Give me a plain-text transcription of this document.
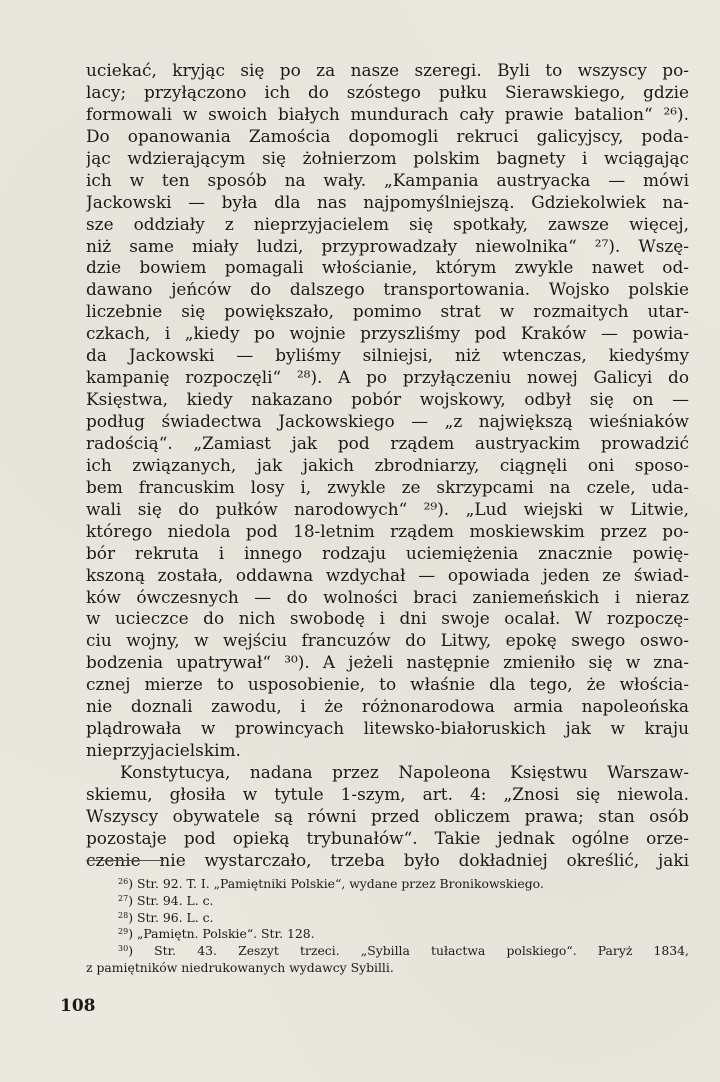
uciekać, kryjąc się po za nasze szeregi. Byli to wszyscy po-
lacy; przyłączono ich do szóstego pułku Sierawskiego, gdzie
formowali w swoich białych mundurach cały prawie batalion“ ²⁶).
Do opanowania Zamościa dopomogli rekruci galicyjscy, poda-
jąc wdzierającym się żołnierzom polskim bagnety i wciągając
ich w ten sposób na wały. „Kampania austryacka — mówi
Jackowski — była dla nas najpomyślniejszą. Gdziekolwiek na-
sze oddziały z nieprzyjacielem się spotkały, zawsze więcej,
niż same miały ludzi, przyprowadzały niewolnika“ ²⁷). Wszę-
dzie bowiem pomagali włościanie, którym zwykle nawet od-
dawano jeńców do dalszego transportowania. Wojsko polskie
liczebnie się powiększało, pomimo strat w rozmaitych utar-
czkach, i „kiedy po wojnie przyszliśmy pod Kraków — powia-
da Jackowski — byliśmy silniejsi, niż wtenczas, kiedyśmy
kampanię rozpoczęli“ ²⁸). A po przyłączeniu nowej Galicyi do
Księstwa, kiedy nakazano pobór wojskowy, odbył się on —
podług świadectwa Jackowskiego — „z największą wieśniaków
radością“. „Zamiast jak pod rządem austryackim prowadzić
ich związanych, jak jakich zbrodniarzy, ciągnęli oni sposo-
bem francuskim losy i, zwykle ze skrzypcami na czele, uda-
wali się do pułków narodowych“ ²⁹). „Lud wiejski w Litwie,
którego niedola pod 18-letnim rządem moskiewskim przez po-
bór rekruta i innego rodzaju uciemiężenia znacznie powię-
kszoną została, oddawna wzdychał — opowiada jeden ze świad-
ków ówczesnych — do wolności braci zaniemeńskich i nieraz
w ucieczce do nich swobodę i dni swoje ocalał. W rozpoczę-
ciu wojny, w wejściu francuzów do Litwy, epokę swego oswo-
bodzenia upatrywał“ ³⁰). A jeżeli następnie zmieniło się w zna-
cznej mierze to usposobienie, to właśnie dla tego, że włościa-
nie doznali zawodu, i że różnonarodowa armia napoleońska
plądrowała w prowincyach litewsko-białoruskich jak w kraju
nieprzyjacielskim.
Konstytucya, nadana przez Napoleona Księstwu Warszaw-
skiemu, głosiła w tytule 1-szym, art. 4: „Znosi się niewola.
Wszyscy obywatele są równi przed obliczem prawa; stan osób
pozostaje pod opieką trybunałów“. Takie jednak ogólne orze-
czenie nie wystarczało, trzeba było dokładniej określić, jaki
$^{26}$) Str. 92. T. I. „Pamiętniki Polskie“, wydane przez Bronikowskiego.
$^{27}$) Str. 94. L. c.
$^{28}$) Str. 96. L. c.
$^{29}$) „Pamiętn. Polskie“. Str. 128.
$^{30}$) Str. 43. Zeszyt trzeci. „Sybilla tułactwa polskiego“. Paryż 1834,
z pamiętników niedrukowanych wydawcy Sybilli.
108
